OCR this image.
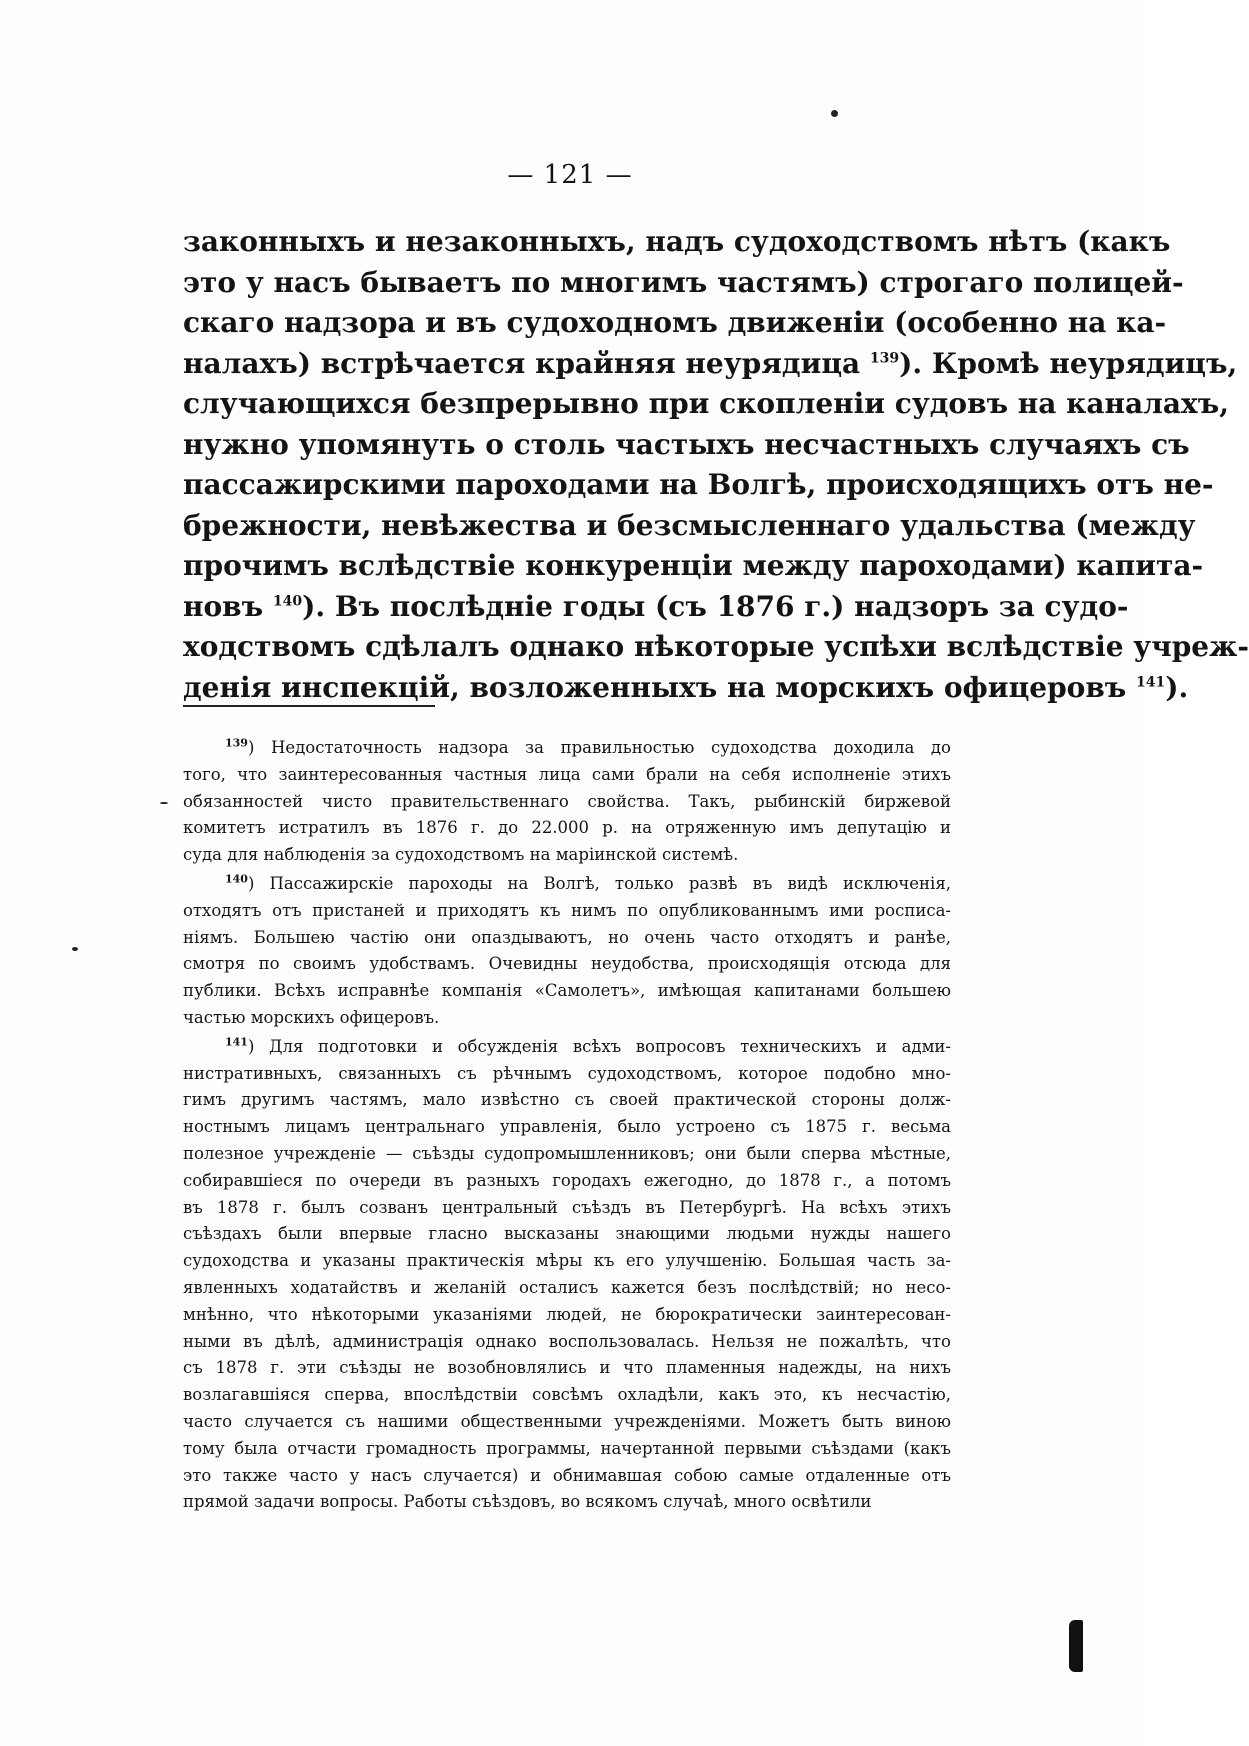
— 121 —
законныхъ и незаконныхъ, надъ судоходствомъ нѣтъ (какъ
это у насъ бываетъ по многимъ частямъ) строгаго полицей-
скаго надзора и въ судоходномъ движеніи (особенно на ка-
налахъ) встрѣчается крайняя неурядица $^{139}$). Кромѣ неурядицъ,
случающихся безпрерывно при скопленіи судовъ на каналахъ,
нужно упомянуть о столь частыхъ несчастныхъ случаяхъ съ
пассажирскими пароходами на Волгѣ, происходящихъ отъ не-
брежности, невѣжества и безсмысленнаго удальства (между
прочимъ вслѣдствіе конкуренціи между пароходами) капита-
новъ $^{140}$). Въ послѣдніе годы (съ 1876 г.) надзоръ за судо-
ходствомъ сдѣлалъ однако нѣкоторые успѣхи вслѣдствіе учреж-
денія инспекцій, возложенныхъ на морскихъ офицеровъ $^{141}$).
$^{139}$) Недостаточность надзора за правильностью судоходства доходила до
того, что заинтересованныя частныя лица сами брали на себя исполненіе этихъ
обязанностей чисто правительственнаго свойства. Такъ, рыбинскій биржевой
комитетъ истратилъ въ 1876 г. до 22.000 р. на отряженную имъ депутацію и
суда для наблюденія за судоходствомъ на маріинской системѣ.
$^{140}$) Пассажирскіе пароходы на Волгѣ, только развѣ въ видѣ исключенія,
отходятъ отъ пристаней и приходятъ къ нимъ по опубликованнымъ ими росписа-
ніямъ. Большею частію они опаздываютъ, но очень часто отходятъ и ранѣе,
смотря по своимъ удобствамъ. Очевидны неудобства, происходящія отсюда для
публики. Всѣхъ исправнѣе компанія «Самолетъ», имѣющая капитанами большею
частью морскихъ офицеровъ.
$^{141}$) Для подготовки и обсужденія всѣхъ вопросовъ техническихъ и адми-
нистративныхъ, связанныхъ съ рѣчнымъ судоходствомъ, которое подобно мно-
гимъ другимъ частямъ, мало извѣстно съ своей практической стороны долж-
ностнымъ лицамъ центральнаго управленія, было устроено съ 1875 г. весьма
полезное учрежденіе — съѣзды судопромышленниковъ; они были сперва мѣстные,
собиравшіеся по очереди въ разныхъ городахъ ежегодно, до 1878 г., а потомъ
въ 1878 г. былъ созванъ центральный съѣздъ въ Петербургѣ. На всѣхъ этихъ
съѣздахъ были впервые гласно высказаны знающими людьми нужды нашего
судоходства и указаны практическія мѣры къ его улучшенію. Большая часть за-
явленныхъ ходатайствъ и желаній осталисъ кажется безъ послѣдствій; но несо-
мнѣнно, что нѣкоторыми указаніями людей, не бюрократически заинтересован-
ными въ дѣлѣ, администрація однако воспользовалась. Нельзя не пожалѣть, что
съ 1878 г. эти съѣзды не возобновлялись и что пламенныя надежды, на нихъ
возлагавшіяся сперва, впослѣдствіи совсѣмъ охладѣли, какъ это, къ несчастію,
часто случается съ нашими общественными учрежденіями. Можетъ быть виною
тому была отчасти громадность программы, начертанной первыми съѣздами (какъ
это также часто у насъ случается) и обнимавшая собою самые отдаленные отъ
прямой задачи вопросы. Работы съѣздовъ, во всякомъ случаѣ, много освѣтили
